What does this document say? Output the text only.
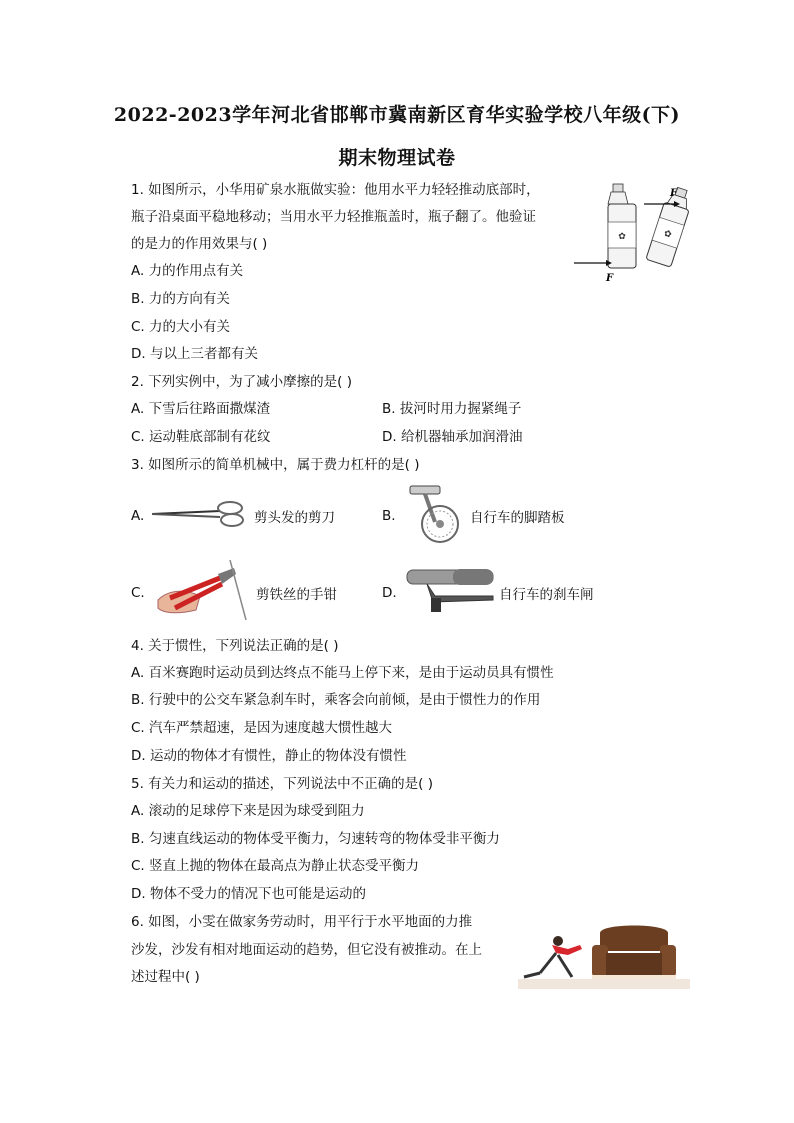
2022-2023学年河北省邯郸市冀南新区育华实验学校八年级(下)
期末物理试卷
1. 如图所示，小华用矿泉水瓶做实验：他用水平力轻轻推动底部时，
瓶子沿桌面平稳地移动；当用水平力轻推瓶盖时，瓶子翻了。他验证
的是力的作用效果与( )
A. 力的作用点有关
B. 力的方向有关
C. 力的大小有关
D. 与以上三者都有关
✿
F
✿
F
2. 下列实例中，为了减小摩擦的是( )
A. 下雪后往路面撒煤渣	B. 拔河时用力握紧绳子
C. 运动鞋底部制有花纹	D. 给机器轴承加润滑油
3. 如图所示的简单机械中，属于费力杠杆的是( )
A.	剪头发的剪刀	B.	自行车的脚踏板
C.	剪铁丝的手钳	D.	自行车的刹车闸
4. 关于惯性，下列说法正确的是( )
A. 百米赛跑时运动员到达终点不能马上停下来，是由于运动员具有惯性
B. 行驶中的公交车紧急刹车时，乘客会向前倾，是由于惯性力的作用
C. 汽车严禁超速，是因为速度越大惯性越大
D. 运动的物体才有惯性，静止的物体没有惯性
5. 有关力和运动的描述，下列说法中不正确的是( )
A. 滚动的足球停下来是因为球受到阻力
B. 匀速直线运动的物体受平衡力，匀速转弯的物体受非平衡力
C. 竖直上抛的物体在最高点为静止状态受平衡力
D. 物体不受力的情况下也可能是运动的
6. 如图，小雯在做家务劳动时，用平行于水平地面的力推
沙发，沙发有相对地面运动的趋势，但它没有被推动。在上
述过程中( )
